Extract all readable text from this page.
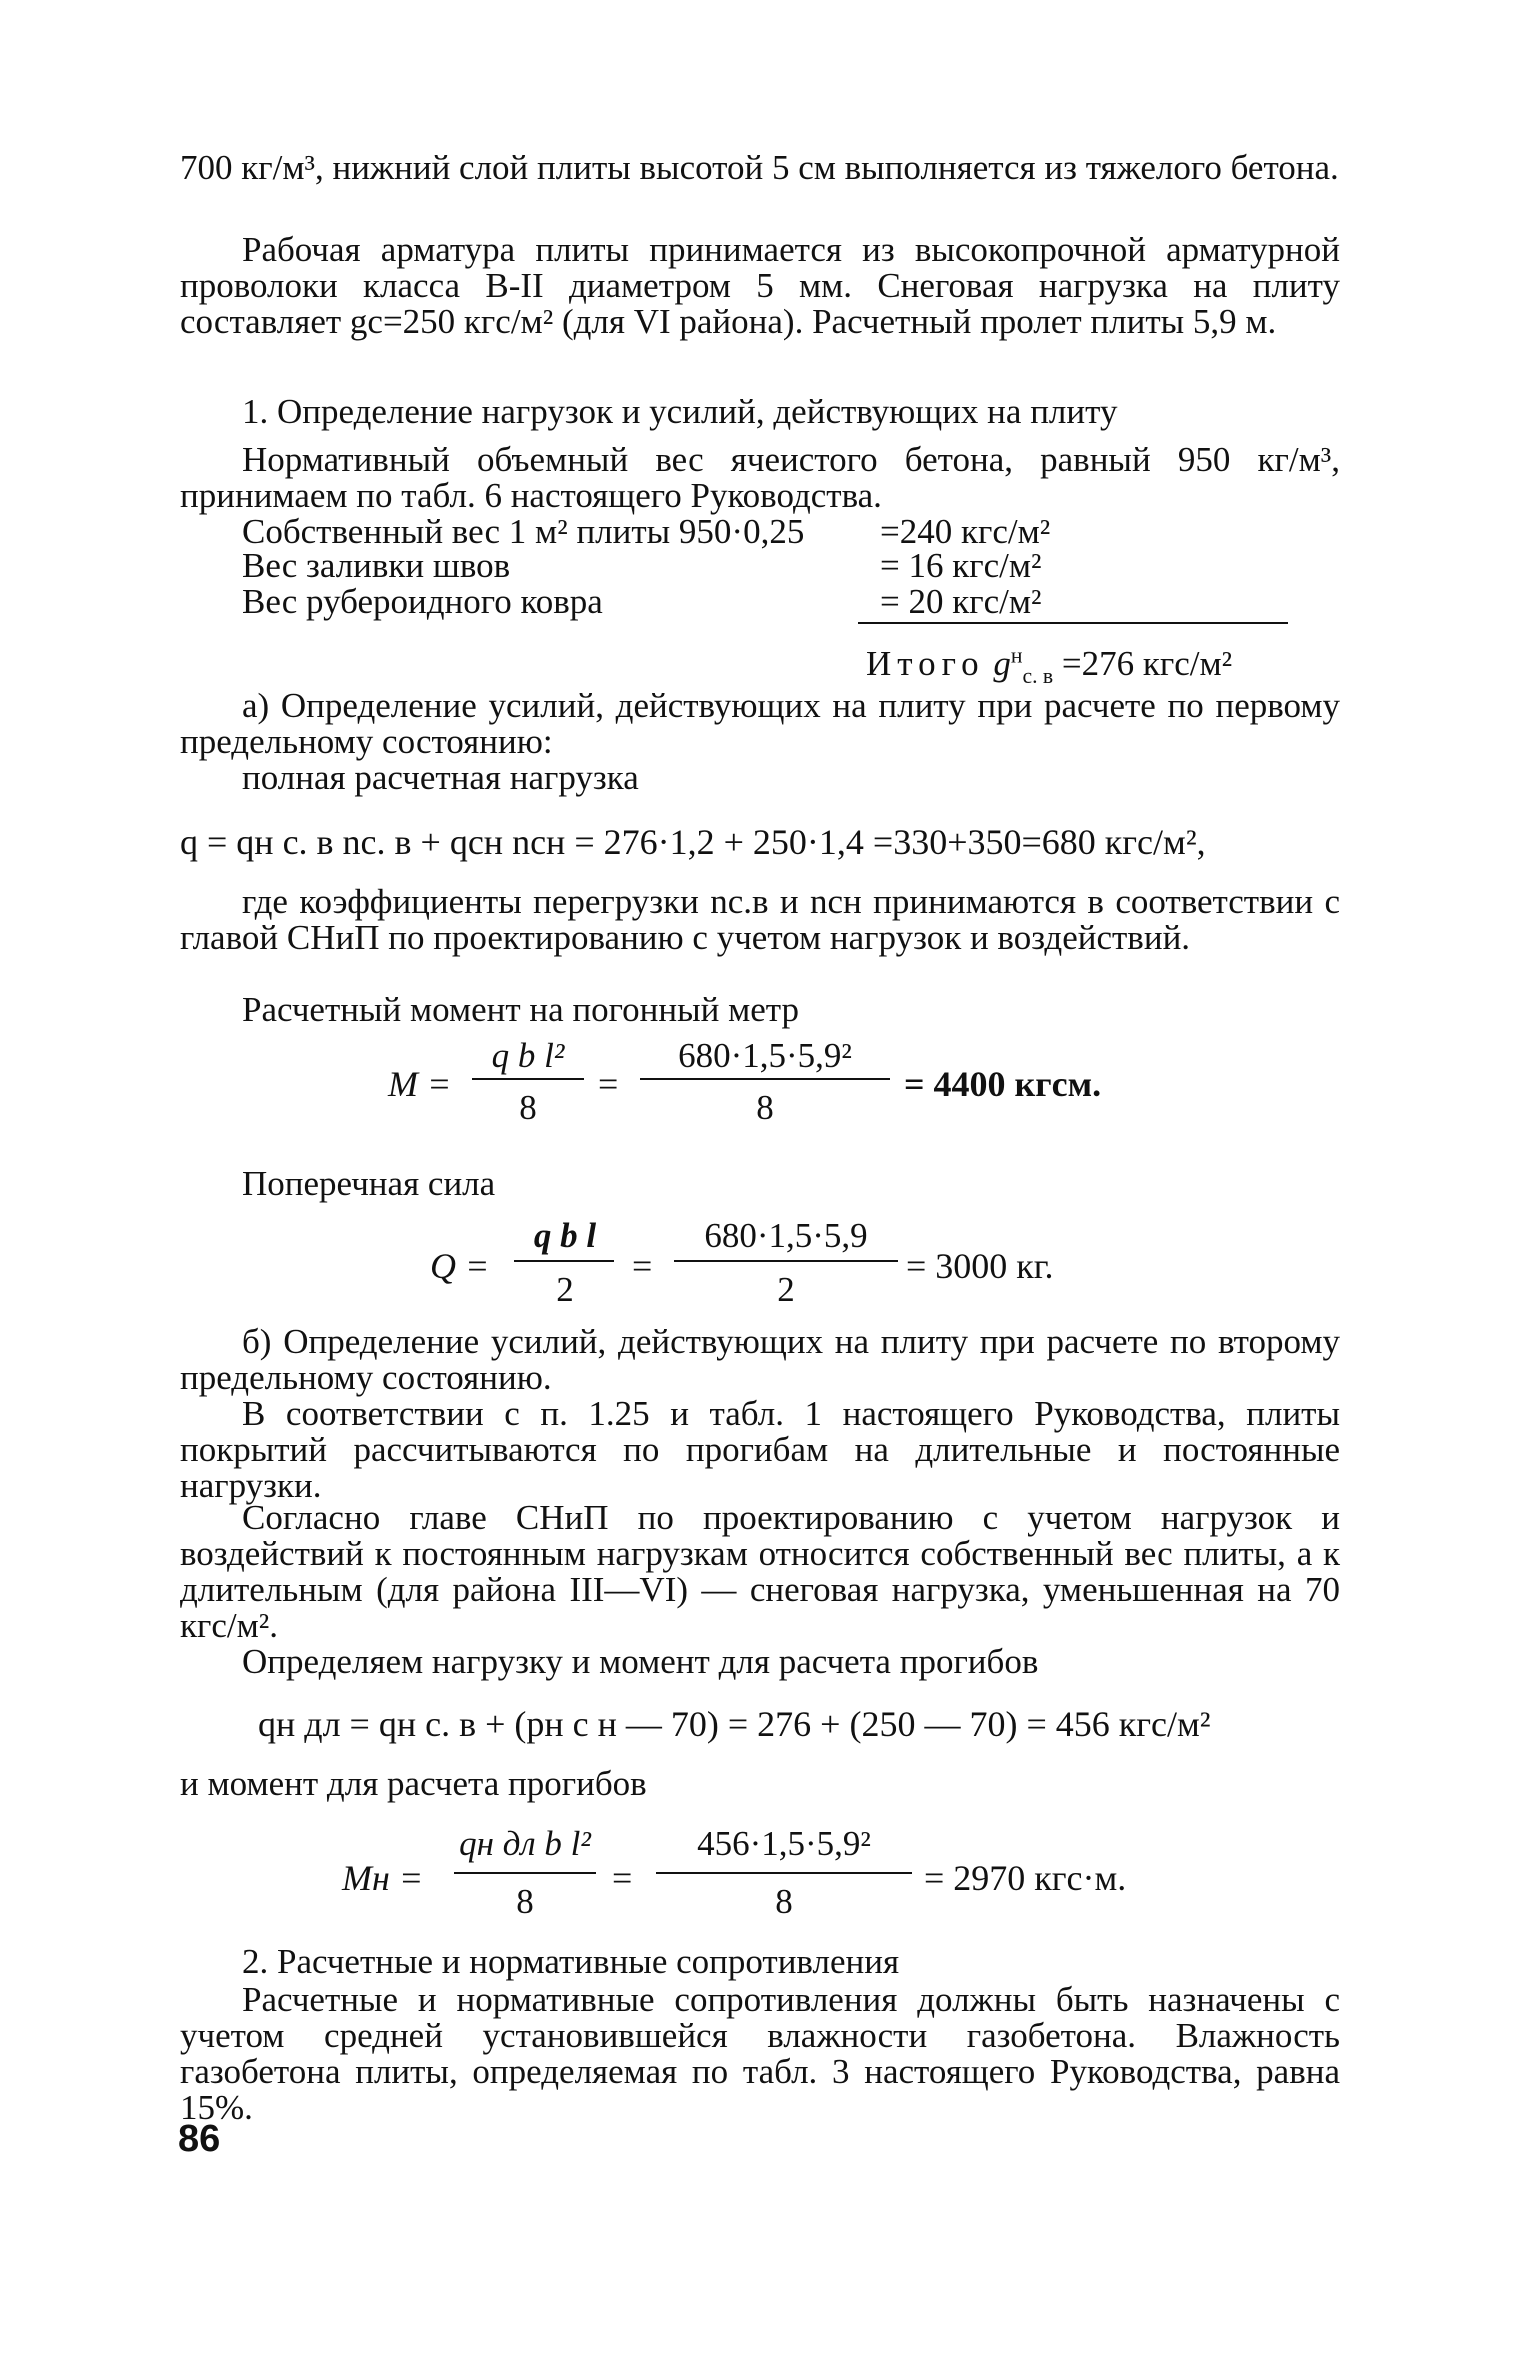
700 кг/м³, нижний слой плиты высотой 5 см выполняется из тяжелого бетона.
Рабочая арматура плиты принимается из высокопрочной арматурной проволоки класса В-II диаметром 5 мм. Снеговая нагрузка на плиту составляет gс=250 кгс/м² (для VI района). Расчетный пролет плиты 5,9 м.
1. Определение нагрузок и усилий, действующих на плиту
Нормативный объемный вес ячеистого бетона, равный 950 кг/м³, принимаем по табл. 6 настоящего Руководства.
Собственный вес 1 м² плиты 950·0,25 =240 кгс/м²
Вес заливки швов	= 16 кгс/м²
Вес рубероидного ковра	= 20 кгс/м²
Итого $g^н_{с. в} =276$ кгс/м²
а) Определение усилий, действующих на плиту при расчете по первому предельному состоянию:
полная расчетная нагрузка
q = qн с. в nс. в + qсн nсн = 276·1,2 + 250·1,4 =330+350=680 кгс/м²,
где коэффициенты перегрузки nс.в и nсн принимаются в соответствии с главой СНиП по проектированию с учетом нагрузок и воздействий.
Расчетный момент на погонный метр
M =
q b l²
8
=
680·1,5·5,9²
8
= 4400 кгсм.
Поперечная сила
Q =
q b l
2
=
680·1,5·5,9
2
= 3000 кг.
б) Определение усилий, действующих на плиту при расчете по второму предельному состоянию.
В соответствии с п. 1.25 и табл. 1 настоящего Руководства, плиты покрытий рассчитываются по прогибам на длительные и постоянные нагрузки.
Согласно главе СНиП по проектированию с учетом нагрузок и воздействий к постоянным нагрузкам относится собственный вес плиты, а к длительным (для района III—VI) — снеговая нагрузка, уменьшенная на 70 кгс/м².
Определяем нагрузку и момент для расчета прогибов
qн дл = qн с. в + (pн с н — 70) = 276 + (250 — 70) = 456 кгс/м²
и момент для расчета прогибов
Mн =
qн дл b l²
8
=
456·1,5·5,9²
8
= 2970 кгс·м.
2. Расчетные и нормативные сопротивления
Расчетные и нормативные сопротивления должны быть назначены с учетом средней установившейся влажности газобетона. Влажность газобетона плиты, определяемая по табл. 3 настоящего Руководства, равна 15%.
86
